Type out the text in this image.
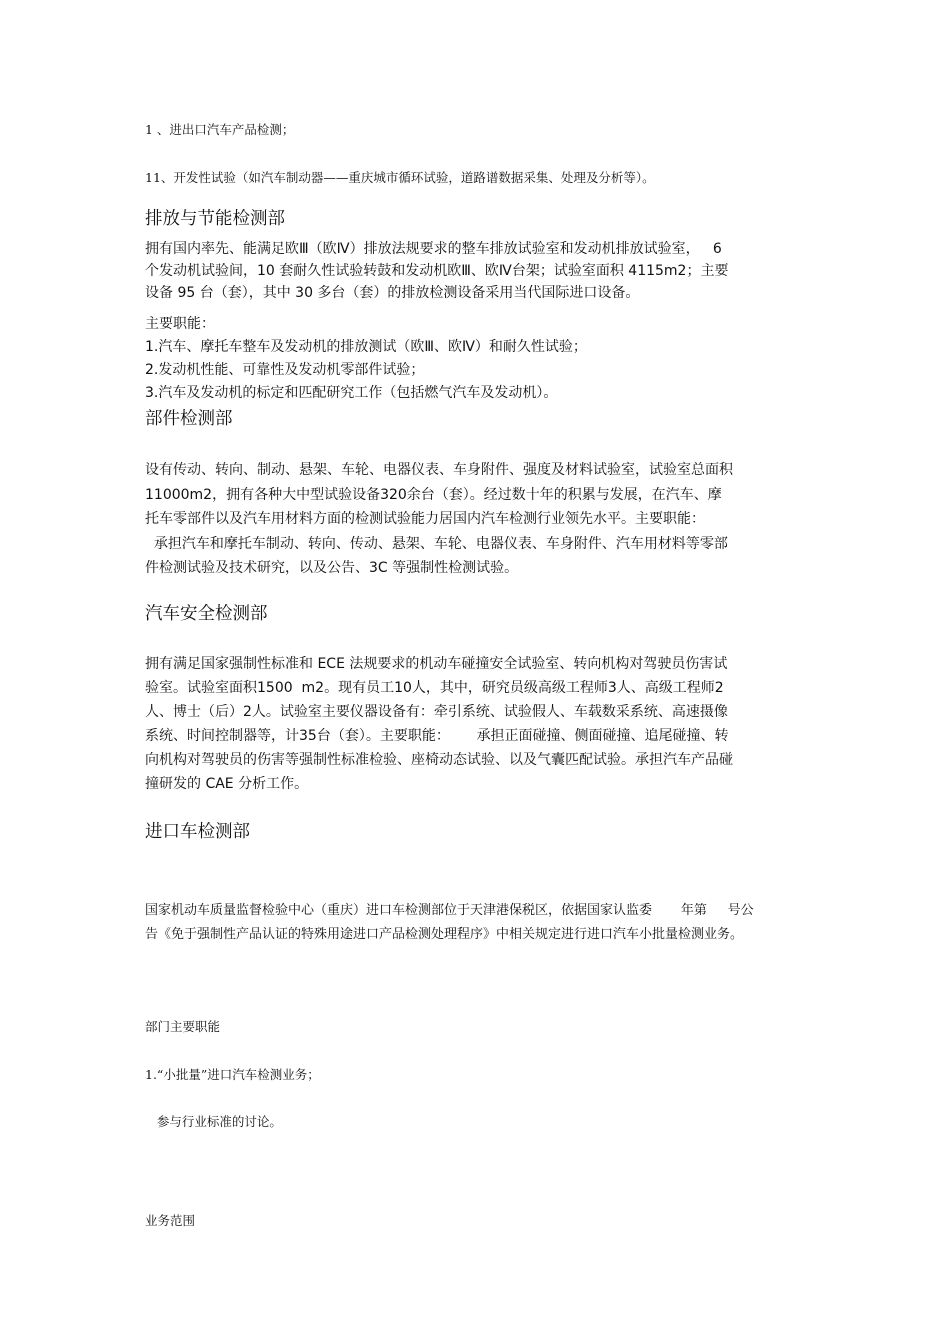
1 、进出口汽车产品检测；
11、开发性试验（如汽车制动器——重庆城市循环试验，道路谱数据采集、处理及分析等）。
排放与节能检测部
拥有国内率先、能满足欧Ⅲ（欧Ⅳ）排放法规要求的整车排放试验室和发动机排放试验室，   6
个发动机试验间，10 套耐久性试验转鼓和发动机欧Ⅲ、欧Ⅳ台架；试验室面积 4115m2；主要
设备 95 台（套），其中 30 多台（套）的排放检测设备采用当代国际进口设备。
主要职能：
1.汽车、摩托车整车及发动机的排放测试（欧Ⅲ、欧Ⅳ）和耐久性试验；
2.发动机性能、可靠性及发动机零部件试验；
3.汽车及发动机的标定和匹配研究工作（包括燃气汽车及发动机）。
部件检测部
设有传动、转向、制动、悬架、车轮、电器仪表、车身附件、强度及材料试验室，试验室总面积
11000m2，拥有各种大中型试验设备320余台（套）。经过数十年的积累与发展，在汽车、摩
托车零部件以及汽车用材料方面的检测试验能力居国内汽车检测行业领先水平。主要职能：
承担汽车和摩托车制动、转向、传动、悬架、车轮、电器仪表、车身附件、汽车用材料等零部
件检测试验及技术研究，以及公告、3C 等强制性检测试验。
汽车安全检测部
拥有满足国家强制性标准和 ECE 法规要求的机动车碰撞安全试验室、转向机构对驾驶员伤害试
验室。试验室面积1500  m2。现有员工10人，其中，研究员级高级工程师3人、高级工程师2
人、博士（后）2人。试验室主要仪器设备有：牵引系统、试验假人、车载数采系统、高速摄像
系统、时间控制器等，计35台（套）。主要职能：      承担正面碰撞、侧面碰撞、追尾碰撞、转
向机构对驾驶员的伤害等强制性标准检验、座椅动态试验、以及气囊匹配试验。承担汽车产品碰
撞研发的 CAE 分析工作。
进口车检测部
国家机动车质量监督检验中心（重庆）进口车检测部位于天津港保税区，依据国家认监委       年第     号公
告《免于强制性产品认证的特殊用途进口产品检测处理程序》中相关规定进行进口汽车小批量检测业务。
部门主要职能
1.“小批量”进口汽车检测业务；
参与行业标准的讨论。
业务范围
